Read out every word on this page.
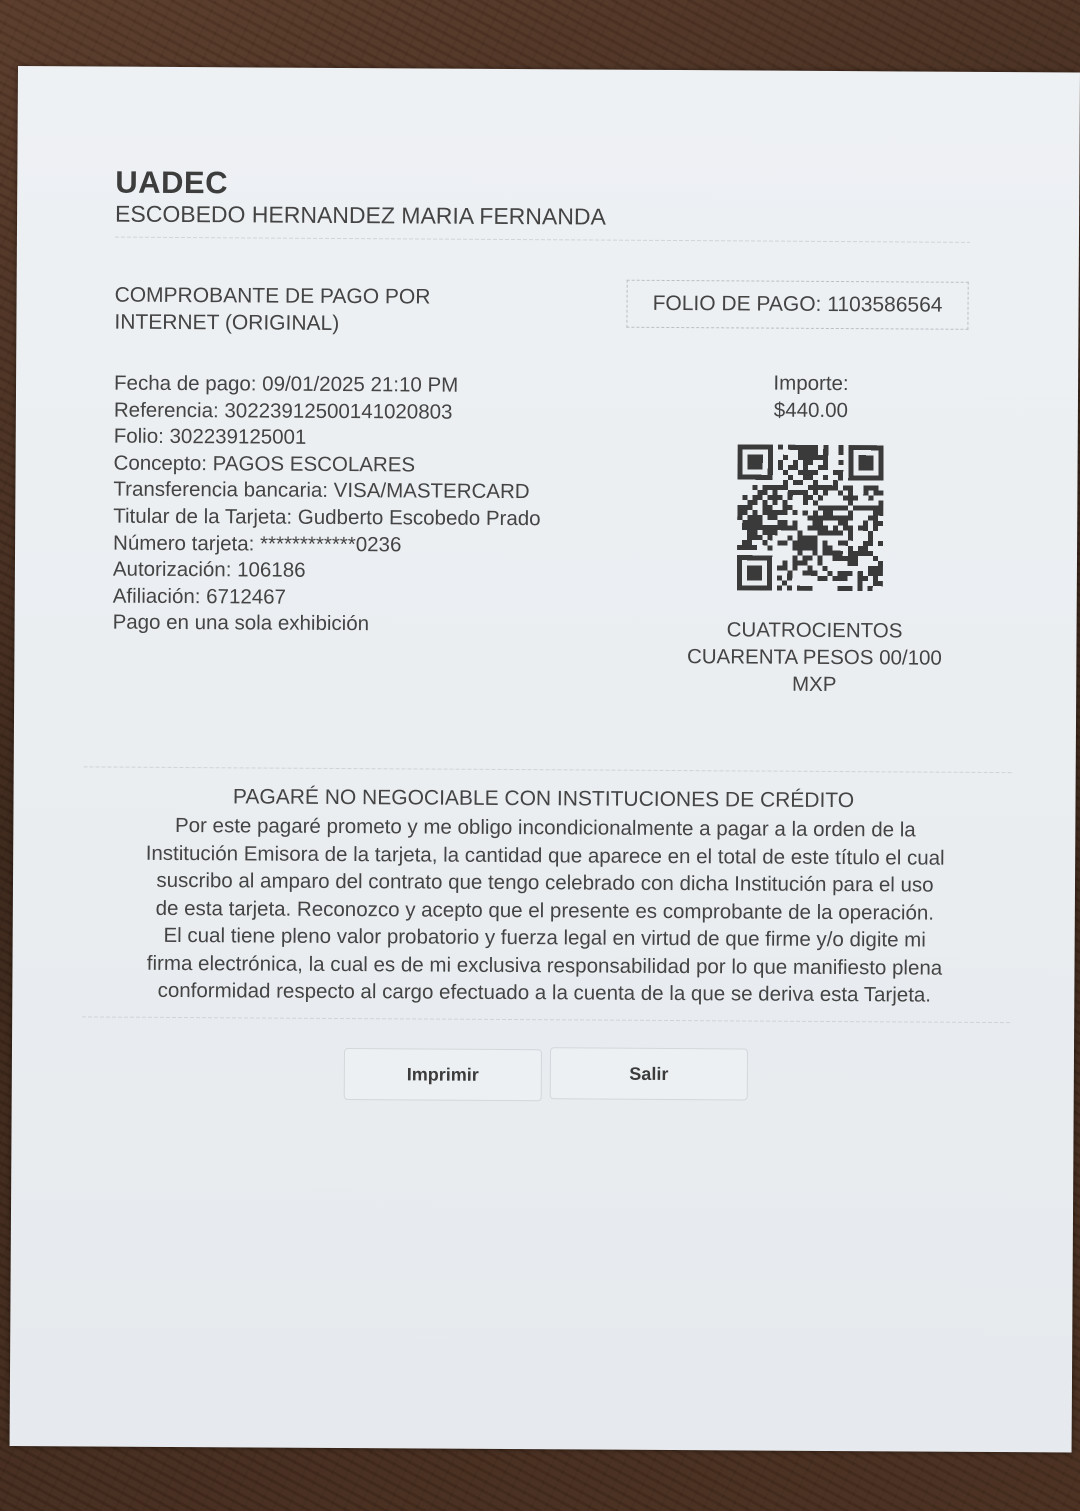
UADEC
ESCOBEDO HERNANDEZ MARIA FERNANDA
COMPROBANTE DE PAGO POR
INTERNET (ORIGINAL)
FOLIO DE PAGO: 1103586564
Fecha de pago: 09/01/2025 21:10 PM
Referencia: 30223912500141020803
Folio: 302239125001
Concepto: PAGOS ESCOLARES
Transferencia bancaria: VISA/MASTERCARD
Titular de la Tarjeta: Gudberto Escobedo Prado
Número tarjeta: ************0236
Autorización: 106186
Afiliación: 6712467
Pago en una sola exhibición
Importe:
$440.00
CUATROCIENTOS
CUARENTA PESOS 00/100
MXP
PAGARÉ NO NEGOCIABLE CON INSTITUCIONES DE CRÉDITO
Por este pagaré prometo y me obligo incondicionalmente a pagar a la orden de la
Institución Emisora de la tarjeta, la cantidad que aparece en el total de este título el cual
suscribo al amparo del contrato que tengo celebrado con dicha Institución para el uso
de esta tarjeta. Reconozco y acepto que el presente es comprobante de la operación.
El cual tiene pleno valor probatorio y fuerza legal en virtud de que firme y/o digite mi
firma electrónica, la cual es de mi exclusiva responsabilidad por lo que manifiesto plena
conformidad respecto al cargo efectuado a la cuenta de la que se deriva esta Tarjeta.
Imprimir	Salir
